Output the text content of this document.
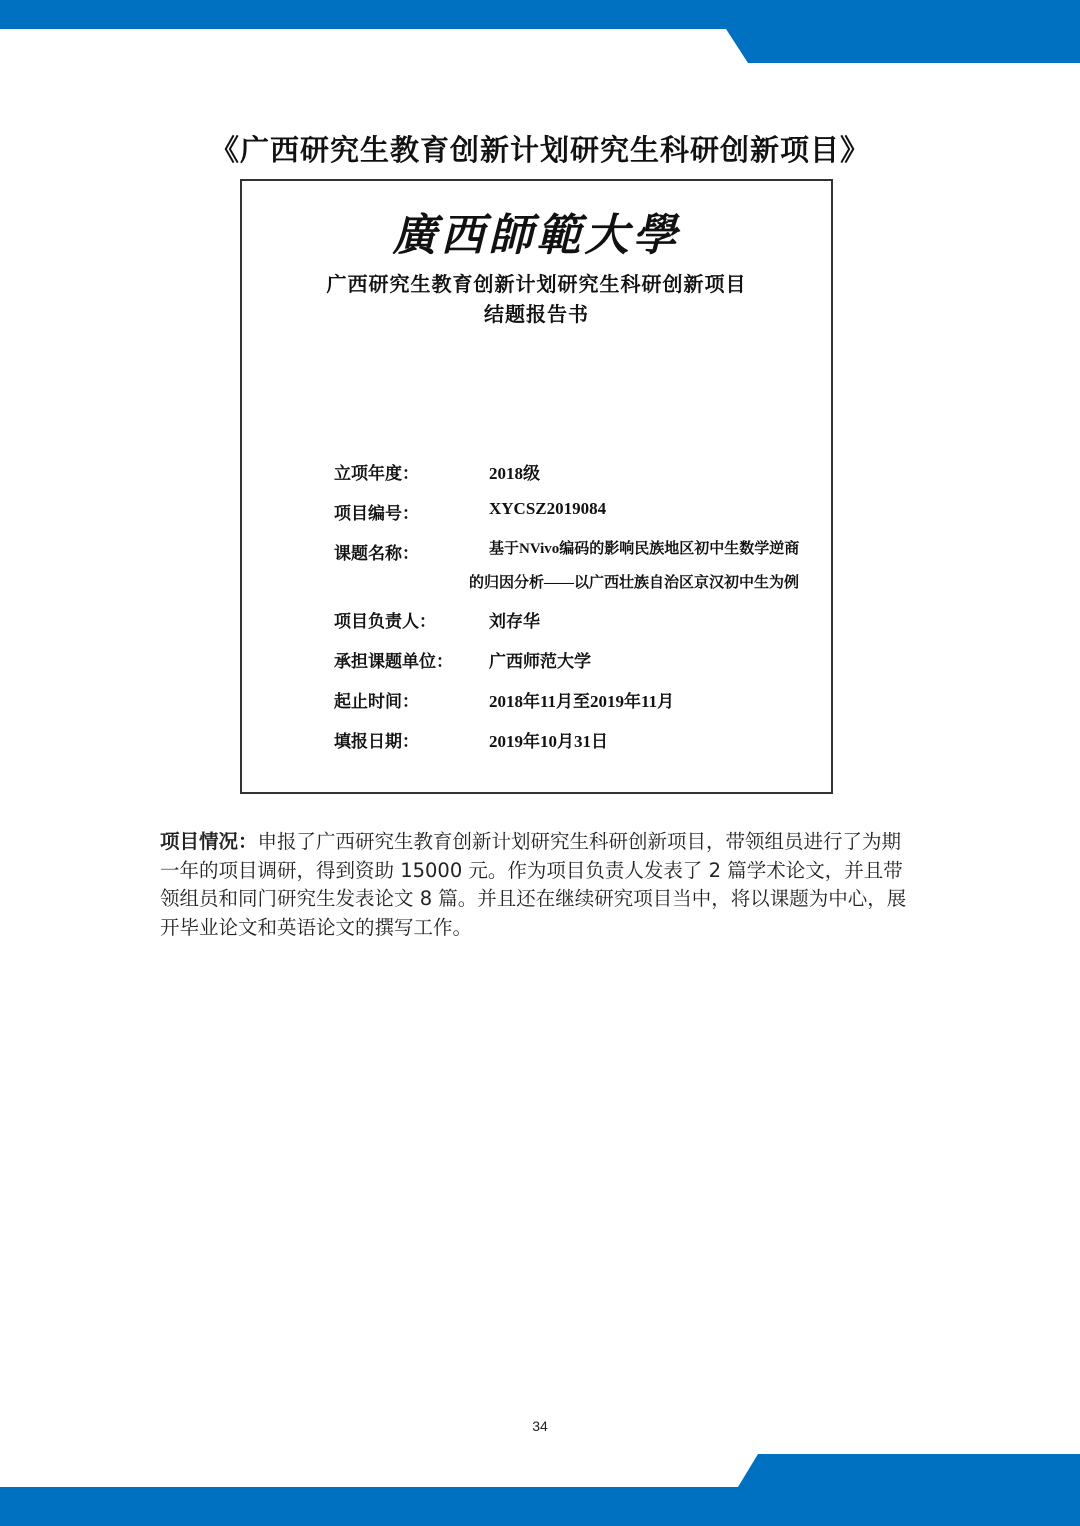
《广西研究生教育创新计划研究生科研创新项目》
廣西師範大學
广西研究生教育创新计划研究生科研创新项目
结题报告书
立项年度：	2018级
项目编号：	XYCSZ2019084
课题名称：	基于NVivo编码的影响民族地区初中生数学逆商
的归因分析——以广西壮族自治区京汉初中生为例
项目负责人：	刘存华
承担课题单位：	广西师范大学
起止时间：	2018年11月至2019年11月
填报日期：	2019年10月31日
项目情况：申报了广西研究生教育创新计划研究生科研创新项目，带领组员进行了为期一年的项目调研，得到资助 15000 元。作为项目负责人发表了 2 篇学术论文，并且带领组员和同门研究生发表论文 8 篇。并且还在继续研究项目当中，将以课题为中心，展开毕业论文和英语论文的撰写工作。
34
